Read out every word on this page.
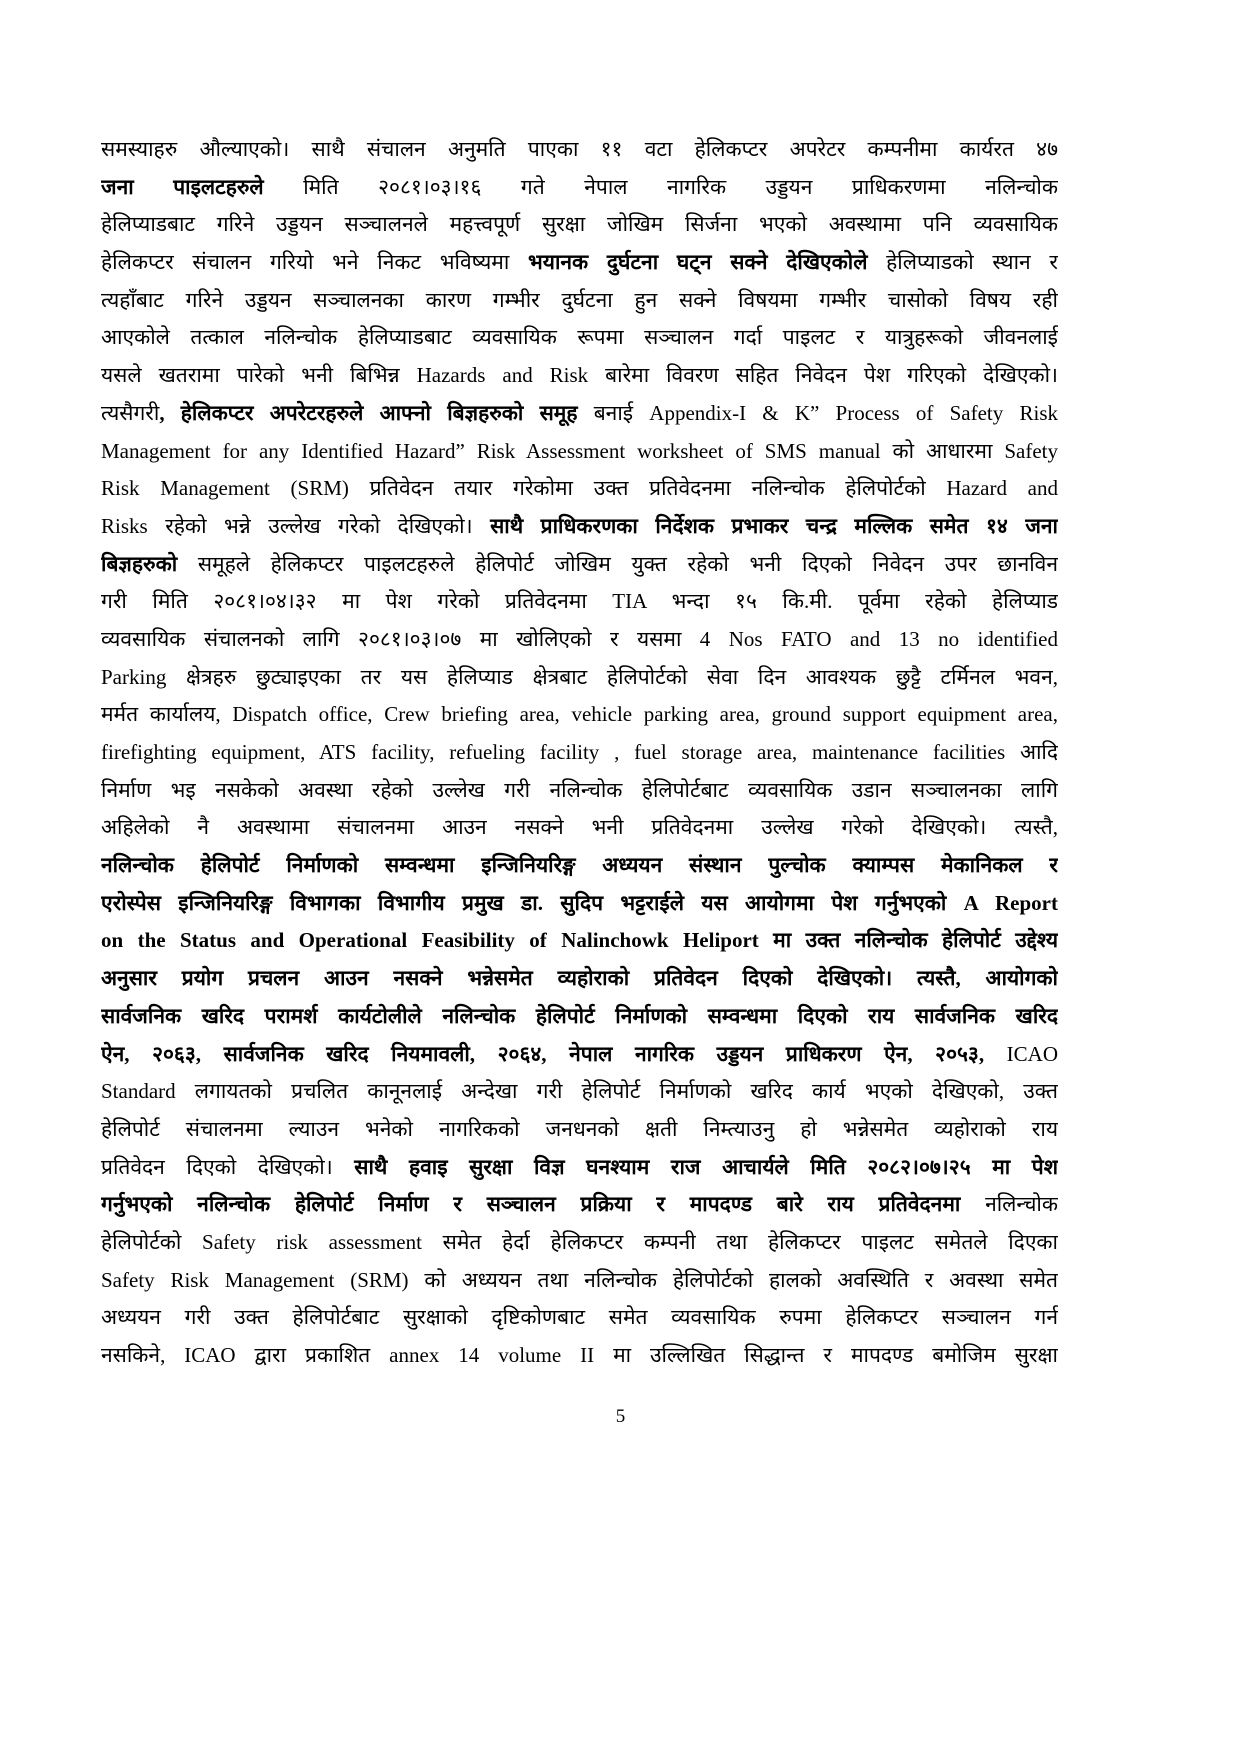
समस्याहरु औल्याएको। साथै संचालन अनुमति पाएका ११ वटा हेलिकप्टर अपरेटर कम्पनीमा कार्यरत ४७
जना पाइलटहरुले मिति २०८१।०३।१६ गते नेपाल नागरिक उड्डयन प्राधिकरणमा नलिन्चोक
हेलिप्याडबाट गरिने उड्डयन सञ्चालनले महत्त्वपूर्ण सुरक्षा जोखिम सिर्जना भएको अवस्थामा पनि व्यवसायिक
हेलिकप्टर संचालन गरियो भने निकट भविष्यमा भयानक दुर्घटना घट्न सक्ने देखिएकोले हेलिप्याडको स्थान र
त्यहाँबाट गरिने उड्डयन सञ्चालनका कारण गम्भीर दुर्घटना हुन सक्ने विषयमा गम्भीर चासोको विषय रही
आएकोले तत्काल नलिन्चोक हेलिप्याडबाट व्यवसायिक रूपमा सञ्चालन गर्दा पाइलट र यात्रुहरूको जीवनलाई
यसले खतरामा पारेको भनी बिभिन्न Hazards and Risk बारेमा विवरण सहित निवेदन पेश गरिएको देखिएको।
त्यसैगरी, हेलिकप्टर अपरेटरहरुले आफ्नो बिज्ञहरुको समूह बनाई Appendix-I & K” Process of Safety Risk
Management for any Identified Hazard” Risk Assessment worksheet of SMS manual को आधारमा Safety
Risk Management (SRM) प्रतिवेदन तयार गरेकोमा उक्त प्रतिवेदनमा नलिन्चोक हेलिपोर्टको Hazard and
Risks रहेको भन्ने उल्लेख गरेको देखिएको। साथै प्राधिकरणका निर्देशक प्रभाकर चन्द्र मल्लिक समेत १४ जना
बिज्ञहरुको समूहले हेलिकप्टर पाइलटहरुले हेलिपोर्ट जोखिम युक्त रहेको भनी दिएको निवेदन उपर छानविन
गरी मिति २०८१।०४।३२ मा पेश गरेको प्रतिवेदनमा TIA भन्दा १५ कि.मी. पूर्वमा रहेको हेलिप्याड
व्यवसायिक संचालनको लागि २०८१।०३।०७ मा खोलिएको र यसमा 4 Nos FATO and 13 no identified
Parking क्षेत्रहरु छुट्याइएका तर यस हेलिप्याड क्षेत्रबाट हेलिपोर्टको सेवा दिन आवश्यक छुट्टै टर्मिनल भवन,
मर्मत कार्यालय, Dispatch office, Crew briefing area, vehicle parking area, ground support equipment area,
firefighting equipment, ATS facility, refueling facility , fuel storage area, maintenance facilities आदि
निर्माण भइ नसकेको अवस्था रहेको उल्लेख गरी नलिन्चोक हेलिपोर्टबाट व्यवसायिक उडान सञ्चालनका लागि
अहिलेको नै अवस्थामा संचालनमा आउन नसक्ने भनी प्रतिवेदनमा उल्लेख गरेको देखिएको। त्यस्तै,
नलिन्चोक हेलिपोर्ट निर्माणको सम्वन्धमा इन्जिनियरिङ्ग अध्ययन संस्थान पुल्चोक क्याम्पस मेकानिकल र
एरोस्पेस इन्जिनियरिङ्ग विभागका विभागीय प्रमुख डा. सुदिप भट्टराईले यस आयोगमा पेश गर्नुभएको A Report
on the Status and Operational Feasibility of Nalinchowk Heliport मा उक्त नलिन्चोक हेलिपोर्ट उद्देश्य
अनुसार प्रयोग प्रचलन आउन नसक्ने भन्नेसमेत व्यहोराको प्रतिवेदन दिएको देखिएको। त्यस्तै, आयोगको
सार्वजनिक खरिद परामर्श कार्यटोलीले नलिन्चोक हेलिपोर्ट निर्माणको सम्वन्धमा दिएको राय सार्वजनिक खरिद
ऐन, २०६३, सार्वजनिक खरिद नियमावली, २०६४, नेपाल नागरिक उड्डयन प्राधिकरण ऐन, २०५३, ICAO
Standard लगायतको प्रचलित कानूनलाई अन्देखा गरी हेलिपोर्ट निर्माणको खरिद कार्य भएको देखिएको, उक्त
हेलिपोर्ट संचालनमा ल्याउन भनेको नागरिकको जनधनको क्षती निम्त्याउनु हो भन्नेसमेत व्यहोराको राय
प्रतिवेदन दिएको देखिएको। साथै हवाइ सुरक्षा विज्ञ घनश्याम राज आचार्यले मिति २०८२।०७।२५ मा पेश
गर्नुभएको नलिन्चोक हेलिपोर्ट निर्माण र सञ्चालन प्रक्रिया र मापदण्ड बारे राय प्रतिवेदनमा नलिन्चोक
हेलिपोर्टको Safety risk assessment समेत हेर्दा हेलिकप्टर कम्पनी तथा हेलिकप्टर पाइलट समेतले दिएका
Safety Risk Management (SRM) को अध्ययन तथा नलिन्चोक हेलिपोर्टको हालको अवस्थिति र अवस्था समेत
अध्ययन गरी उक्त हेलिपोर्टबाट सुरक्षाको दृष्टिकोणबाट समेत व्यवसायिक रुपमा हेलिकप्टर सञ्चालन गर्न
नसकिने, ICAO द्वारा प्रकाशित annex 14 volume II मा उल्लिखित सिद्धान्त र मापदण्ड बमोजिम सुरक्षा
5
